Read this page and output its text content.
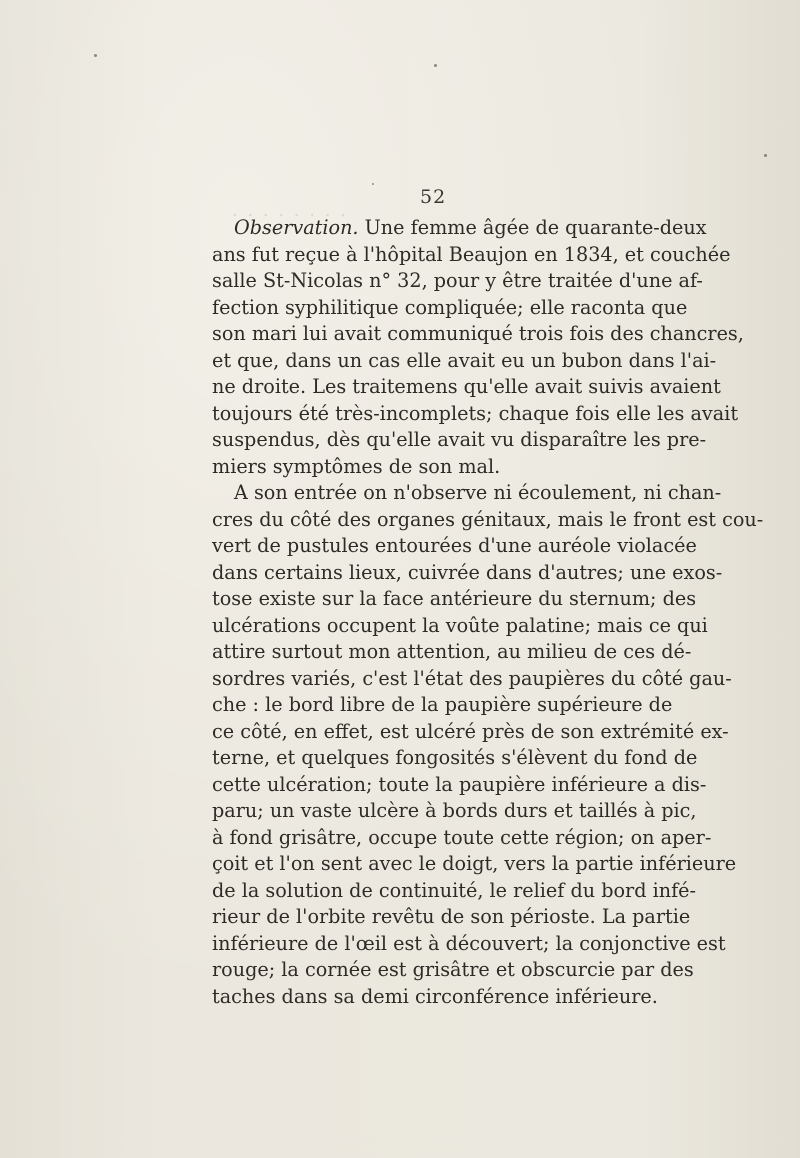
. . . . . . . .
52
Observation. Une femme âgée de quarante-deux
ans fut reçue à l'hôpital Beaujon en 1834, et couchée
salle St-Nicolas n° 32, pour y être traitée d'une af-
fection syphilitique compliquée; elle raconta que
son mari lui avait communiqué trois fois des chancres,
et que, dans un cas elle avait eu un bubon dans l'ai-
ne droite. Les traitemens qu'elle avait suivis avaient
toujours été très-incomplets; chaque fois elle les avait
suspendus, dès qu'elle avait vu disparaître les pre-
miers symptômes de son mal.
A son entrée on n'observe ni écoulement, ni chan-
cres du côté des organes génitaux, mais le front est cou-
vert de pustules entourées d'une auréole violacée
dans certains lieux, cuivrée dans d'autres; une exos-
tose existe sur la face antérieure du sternum; des
ulcérations occupent la voûte palatine; mais ce qui
attire surtout mon attention, au milieu de ces dé-
sordres variés, c'est l'état des paupières du côté gau-
che : le bord libre de la paupière supérieure de
ce côté, en effet, est ulcéré près de son extrémité ex-
terne, et quelques fongosités s'élèvent du fond de
cette ulcération; toute la paupière inférieure a dis-
paru; un vaste ulcère à bords durs et taillés à pic,
à fond grisâtre, occupe toute cette région; on aper-
çoit et l'on sent avec le doigt, vers la partie inférieure
de la solution de continuité, le relief du bord infé-
rieur de l'orbite revêtu de son périoste. La partie
inférieure de l'œil est à découvert; la conjonctive est
rouge; la cornée est grisâtre et obscurcie par des
taches dans sa demi circonférence inférieure.
